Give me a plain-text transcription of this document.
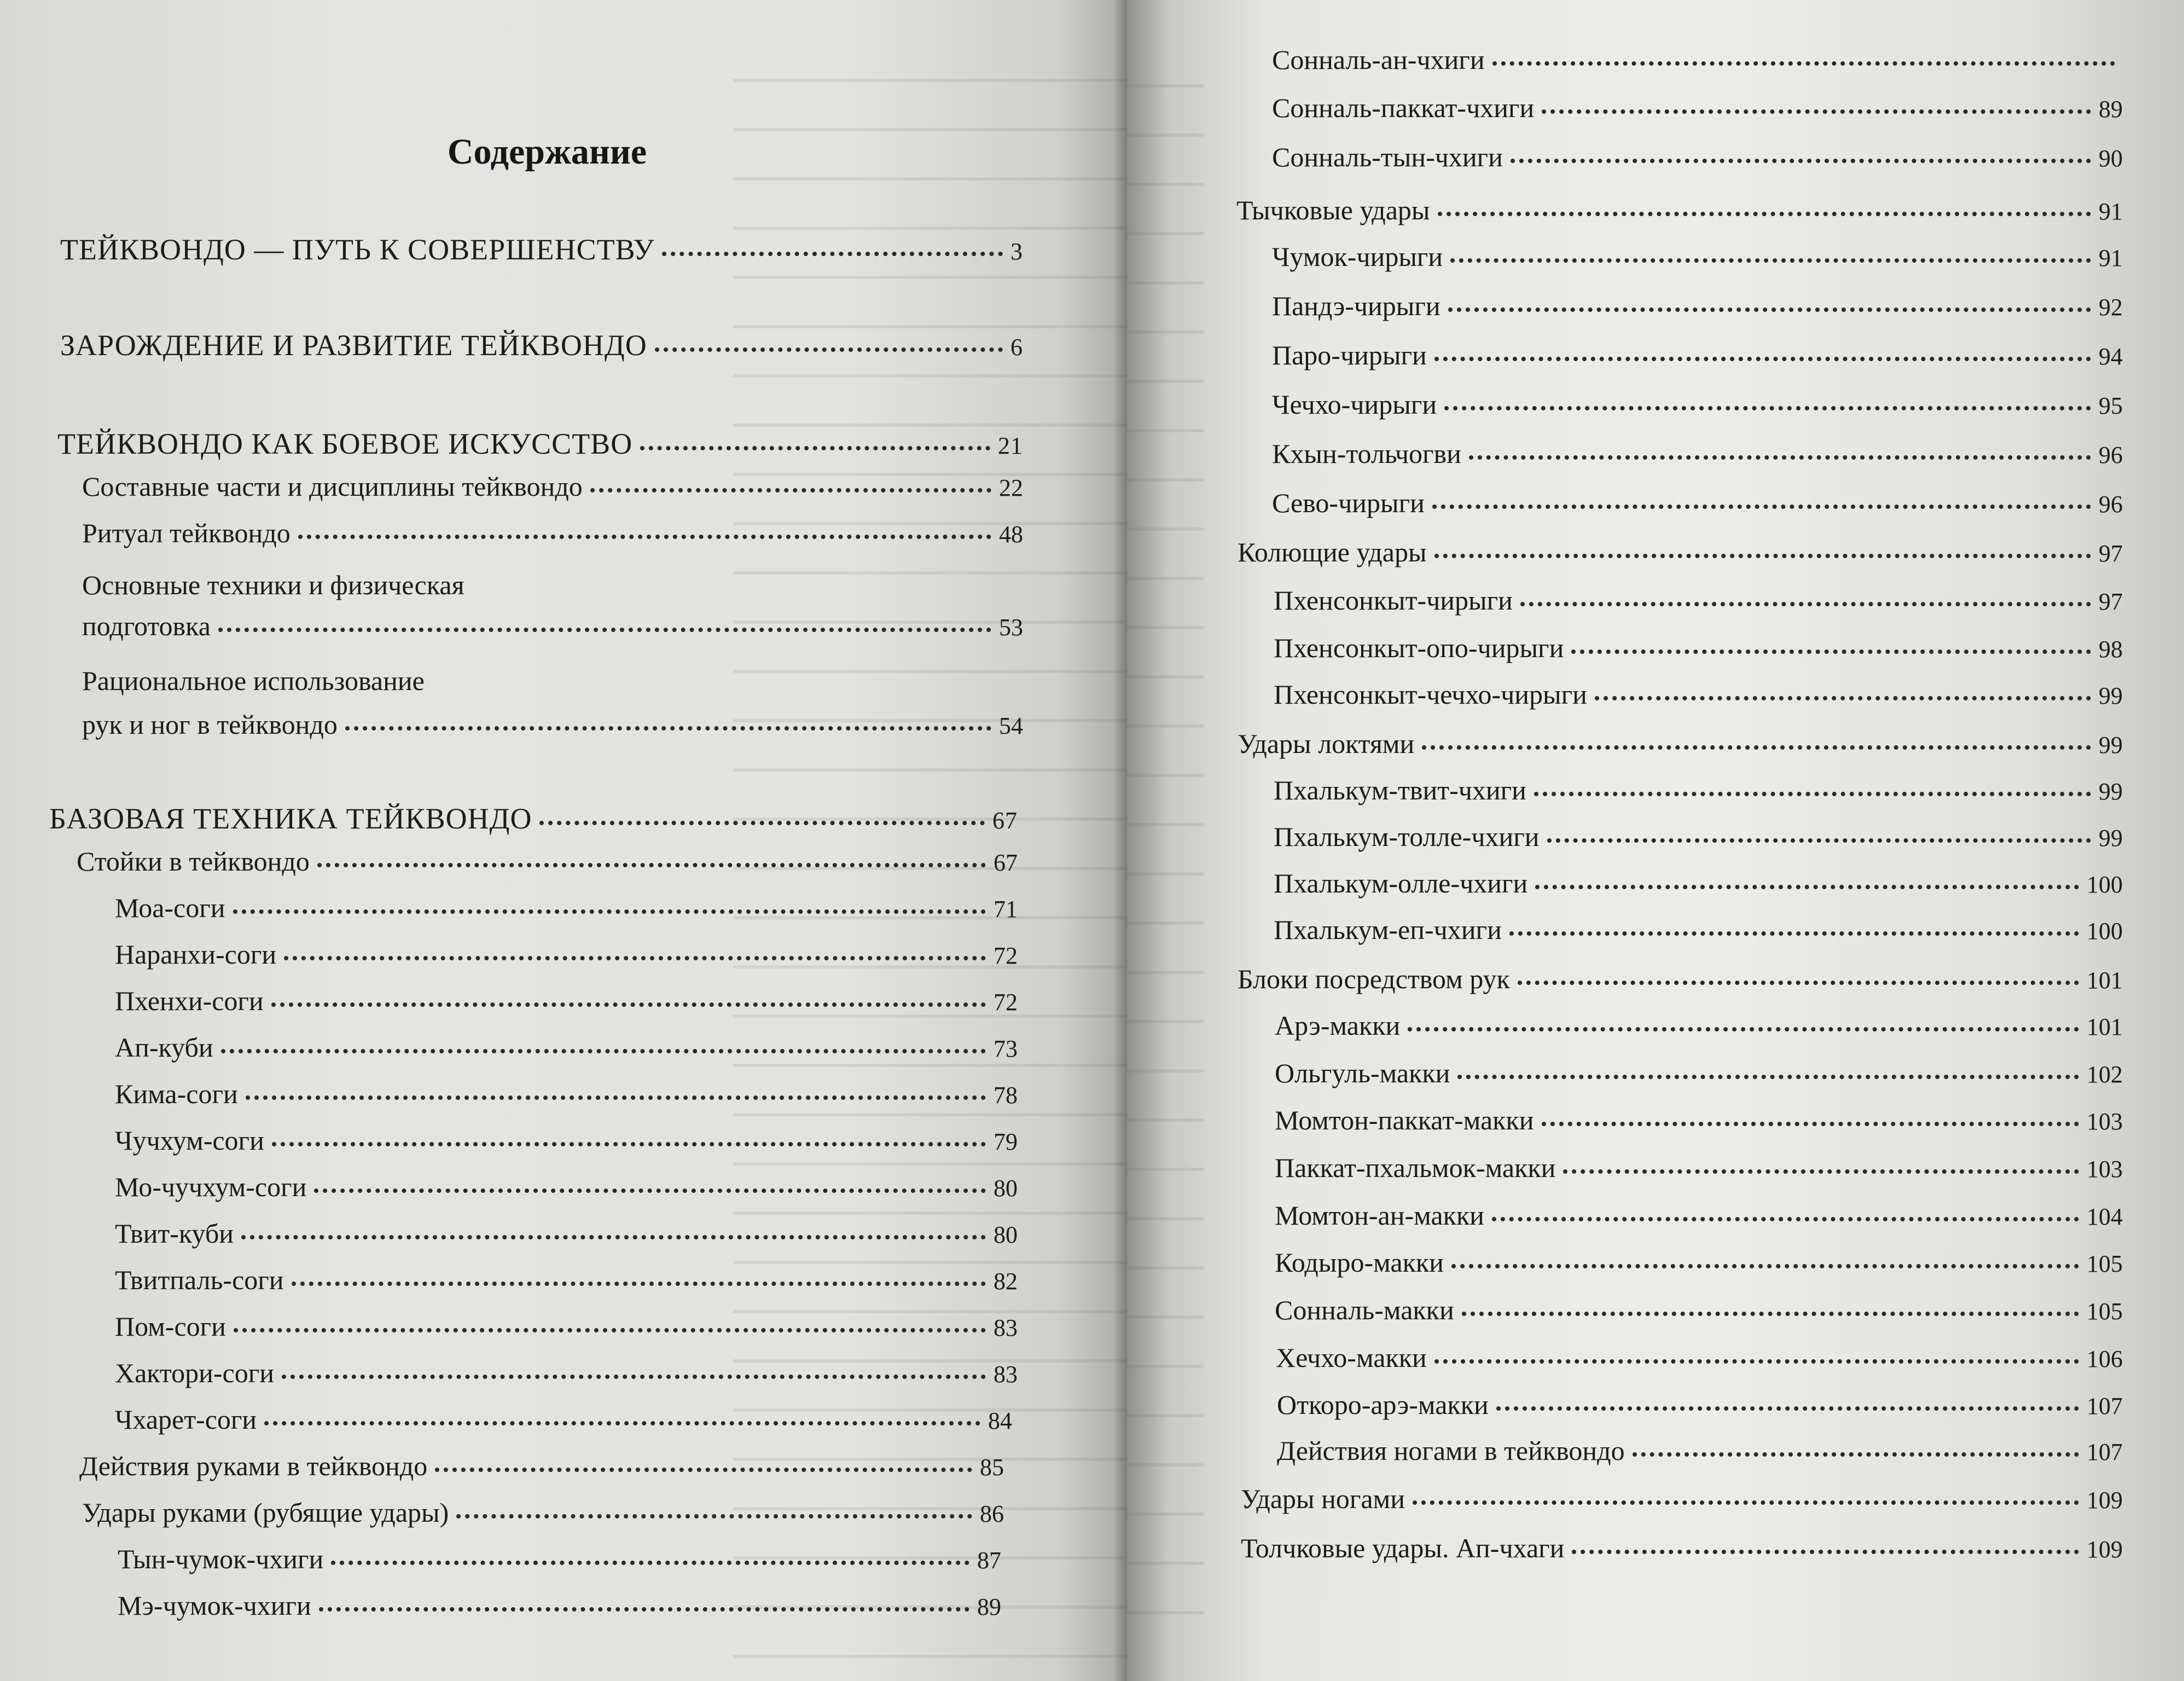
Содержание
ТЕЙКВОНДО — ПУТЬ К СОВЕРШЕНСТВУ	3
ЗАРОЖДЕНИЕ И РАЗВИТИЕ ТЕЙКВОНДО	6
ТЕЙКВОНДО КАК БОЕВОЕ ИСКУССТВО	21
Составные части и дисциплины тейквондо	22
Ритуал тейквондо	48
Основные техники и физическая
подготовка	53
Рациональное использование
рук и ног в тейквондо	54
БАЗОВАЯ ТЕХНИКА ТЕЙКВОНДО	67
Стойки в тейквондо	67
Моа-соги	71
Наранхи-соги	72
Пхенхи-соги	72
Ап-куби	73
Кима-соги	78
Чучхум-соги	79
Мо-чучхум-соги	80
Твит-куби	80
Твитпаль-соги	82
Пом-соги	83
Хактори-соги	83
Чхарет-соги	84
Действия руками в тейквондо	85
Удары руками (рубящие удары)	86
Тын-чумок-чхиги	87
Мэ-чумок-чхиги	89
Сонналь-ан-чхиги
Сонналь-паккат-чхиги	89
Сонналь-тын-чхиги	90
Тычковые удары	91
Чумок-чирыги	91
Пандэ-чирыги	92
Паро-чирыги	94
Чечхо-чирыги	95
Кхын-тольчогви	96
Сево-чирыги	96
Колющие удары	97
Пхенсонкыт-чирыги	97
Пхенсонкыт-опо-чирыги	98
Пхенсонкыт-чечхо-чирыги	99
Удары локтями	99
Пхалькум-твит-чхиги	99
Пхалькум-толле-чхиги	99
Пхалькум-олле-чхиги	100
Пхалькум-еп-чхиги	100
Блоки посредством рук	101
Арэ-макки	101
Ольгуль-макки	102
Момтон-паккат-макки	103
Паккат-пхальмок-макки	103
Момтон-ан-макки	104
Кодыро-макки	105
Сонналь-макки	105
Хечхо-макки	106
Откоро-арэ-макки	107
Действия ногами в тейквондо	107
Удары ногами	109
Толчковые удары. Ап-чхаги	109
